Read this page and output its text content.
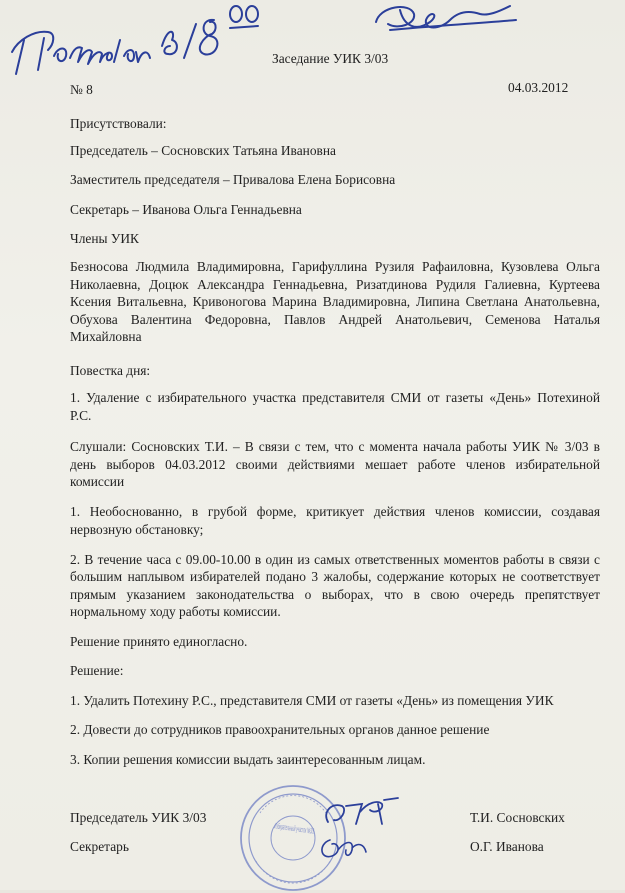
Получила в 18⁰⁰

Заседание УИК 3/03

№ 8	04.03.2012

Присутствовали:

Председатель – Сосновских Татьяна Ивановна

Заместитель председателя – Привалова Елена Борисовна

Секретарь – Иванова Ольга Геннадьевна

Члены УИК

Безносова Людмила Владимировна, Гарифуллина Рузиля Рафаиловна, Кузовлева Ольга

Николаевна, Доцюк Александра Геннадьевна, Ризатдинова Рудиля Галиевна, Куртеева

Ксения Витальевна, Кривоногова Марина Владимировна, Липина Светлана Анатольевна,

Обухова Валентина Федоровна, Павлов Андрей Анатольевич, Семенова Наталья

Михайловна

Повестка дня:

1. Удаление с избирательного участка представителя СМИ от газеты «День» Потехиной

Р.С.

Слушали: Сосновских Т.И. – В связи с тем, что с момента начала работы УИК № 3/03 в

день выборов 04.03.2012 своими действиями мешает работе членов избирательной

комиссии

1. Необоснованно, в грубой форме, критикует действия членов комиссии, создавая

нервозную обстановку;

2. В течение часа с 09.00-10.00 в один из самых ответственных моментов работы в связи с

большим наплывом избирателей подано 3 жалобы, содержание которых не соответствует

прямым указанием законодательства о выборах, что в свою очередь препятствует

нормальному ходу работы комиссии.

Решение принято единогласно.

Решение:

1. Удалить Потехину Р.С., представителя СМИ от газеты «День» из помещения УИК

2. Довести до сотрудников правоохранительных органов данное решение

3. Копии решения комиссии выдать заинтересованным лицам.

Председатель УИК 3/03	Т.И. Сосновских

Секретарь	О.Г. Иванова

Избирательный участок №3/3
